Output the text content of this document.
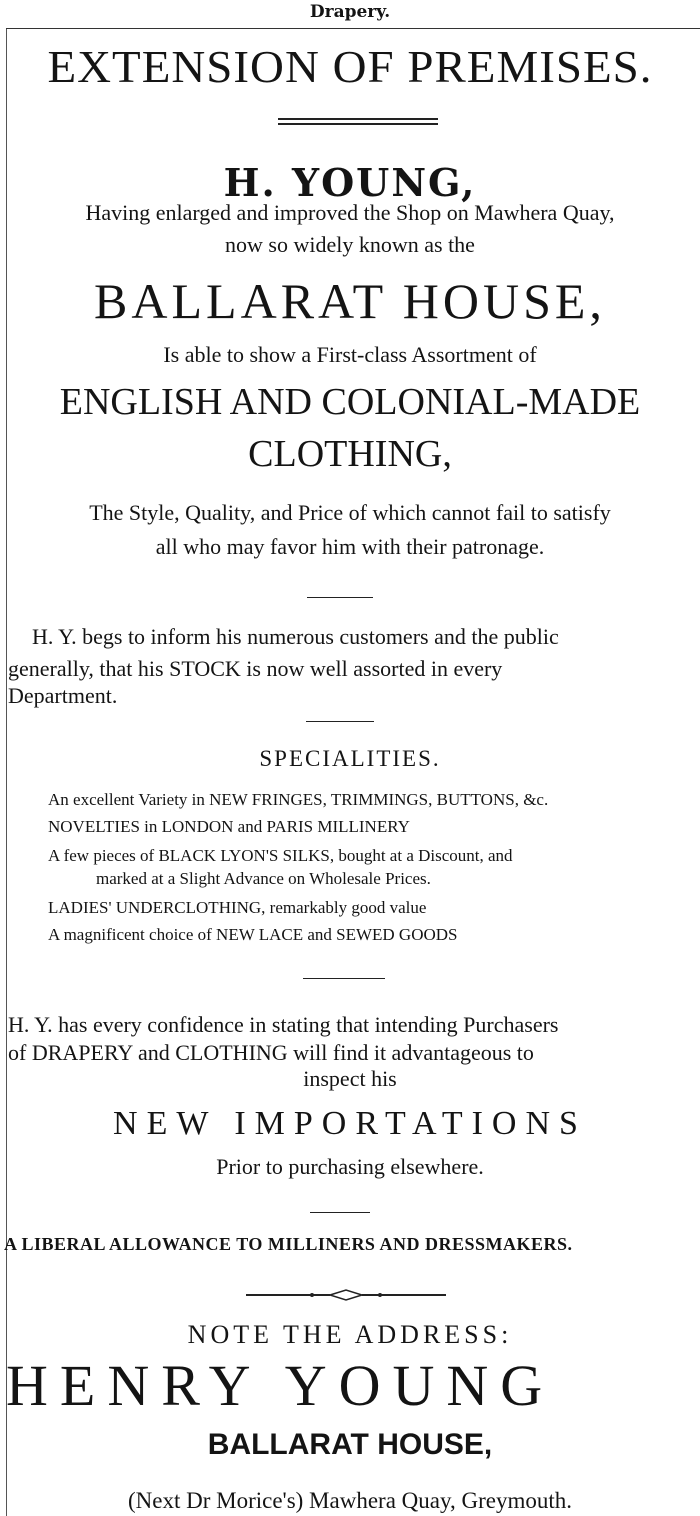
Drapery.
EXTENSION OF PREMISES.
H. YOUNG,
Having enlarged and improved the Shop on Mawhera Quay,
now so widely known as the
BALLARAT HOUSE,
Is able to show a First-class Assortment of
ENGLISH AND COLONIAL-MADE
CLOTHING,
The Style, Quality, and Price of which cannot fail to satisfy
all who may favor him with their patronage.
H. Y. begs to inform his numerous customers and the public
generally, that his STOCK is now well assorted in every
Department.
SPECIALITIES.
An excellent Variety in NEW FRINGES, TRIMMINGS, BUTTONS, &c.
NOVELTIES in LONDON and PARIS MILLINERY
A few pieces of BLACK LYON'S SILKS, bought at a Discount, and
marked at a Slight Advance on Wholesale Prices.
LADIES' UNDERCLOTHING, remarkably good value
A magnificent choice of NEW LACE and SEWED GOODS
H. Y. has every confidence in stating that intending Purchasers
of DRAPERY and CLOTHING will find it advantageous to
inspect his
NEW IMPORTATIONS
Prior to purchasing elsewhere.
A LIBERAL ALLOWANCE TO MILLINERS AND DRESSMAKERS.
NOTE THE ADDRESS:
HENRY YOUNG
BALLARAT HOUSE,
(Next Dr Morice's) Mawhera Quay, Greymouth.
